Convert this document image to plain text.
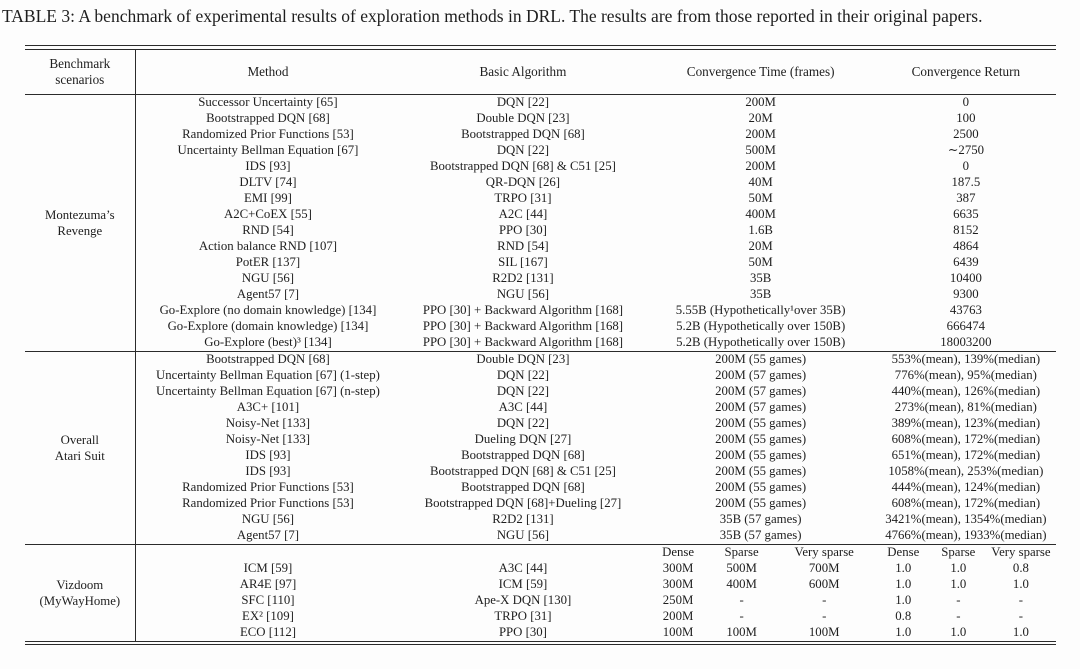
TABLE 3: A benchmark of experimental results of exploration methods in DRL. The results are from those reported in their original papers.
Benchmark
scenarios	Method	Basic Algorithm	Convergence Time (frames)			Convergence Return		

Montezuma’s
Revenge	Successor Uncertainty [65]	DQN [22]	200M			0		
	Bootstrapped DQN [68]	Double DQN [23]	20M			100		
	Randomized Prior Functions [53]	Bootstrapped DQN [68]	200M			2500		
	Uncertainty Bellman Equation [67]	DQN [22]	500M			∼2750		
	IDS [93]	Bootstrapped DQN [68] & C51 [25]	200M			0		
	DLTV [74]	QR-DQN [26]	40M			187.5		
	EMI [99]	TRPO [31]	50M			387		
	A2C+CoEX [55]	A2C [44]	400M			6635		
	RND [54]	PPO [30]	1.6B			8152		
	Action balance RND [107]	RND [54]	20M			4864		
	PotER [137]	SIL [167]	50M			6439		
	NGU [56]	R2D2 [131]	35B			10400		
	Agent57 [7]	NGU [56]	35B			9300		
	Go-Explore (no domain knowledge) [134]	PPO [30] + Backward Algorithm [168]	5.55B (Hypothetically¹over 35B)			43763		
	Go-Explore (domain knowledge) [134]	PPO [30] + Backward Algorithm [168]	5.2B (Hypothetically over 150B)			666474		
	Go-Explore (best)³ [134]	PPO [30] + Backward Algorithm [168]	5.2B (Hypothetically over 150B)			18003200		

Overall
Atari Suit	Bootstrapped DQN [68]	Double DQN [23]	200M (55 games)			553%(mean), 139%(median)		
	Uncertainty Bellman Equation [67] (1-step)	DQN [22]	200M (57 games)			776%(mean), 95%(median)		
	Uncertainty Bellman Equation [67] (n-step)	DQN [22]	200M (57 games)			440%(mean), 126%(median)		
	A3C+ [101]	A3C [44]	200M (57 games)			273%(mean), 81%(median)		
	Noisy-Net [133]	DQN [22]	200M (55 games)			389%(mean), 123%(median)		
	Noisy-Net [133]	Dueling DQN [27]	200M (55 games)			608%(mean), 172%(median)		
	IDS [93]	Bootstrapped DQN [68]	200M (55 games)			651%(mean), 172%(median)		
	IDS [93]	Bootstrapped DQN [68] & C51 [25]	200M (55 games)			1058%(mean), 253%(median)		
	Randomized Prior Functions [53]	Bootstrapped DQN [68]	200M (55 games)			444%(mean), 124%(median)		
	Randomized Prior Functions [53]	Bootstrapped DQN [68]+Dueling [27]	200M (55 games)			608%(mean), 172%(median)		
	NGU [56]	R2D2 [131]	35B (57 games)			3421%(mean), 1354%(median)		
	Agent57 [7]	NGU [56]	35B (57 games)			4766%(mean), 1933%(median)		

Vizdoom
(MyWayHome)			Dense	Sparse	Very sparse	Dense	Sparse	Very sparse
	ICM [59]	A3C [44]	300M	500M	700M	1.0	1.0	0.8
	AR4E [97]	ICM [59]	300M	400M	600M	1.0	1.0	1.0
	SFC [110]	Ape-X DQN [130]	250M	-	-	1.0	-	-
	EX² [109]	TRPO [31]	200M	-	-	0.8	-	-
	ECO [112]	PPO [30]	100M	100M	100M	1.0	1.0	1.0
